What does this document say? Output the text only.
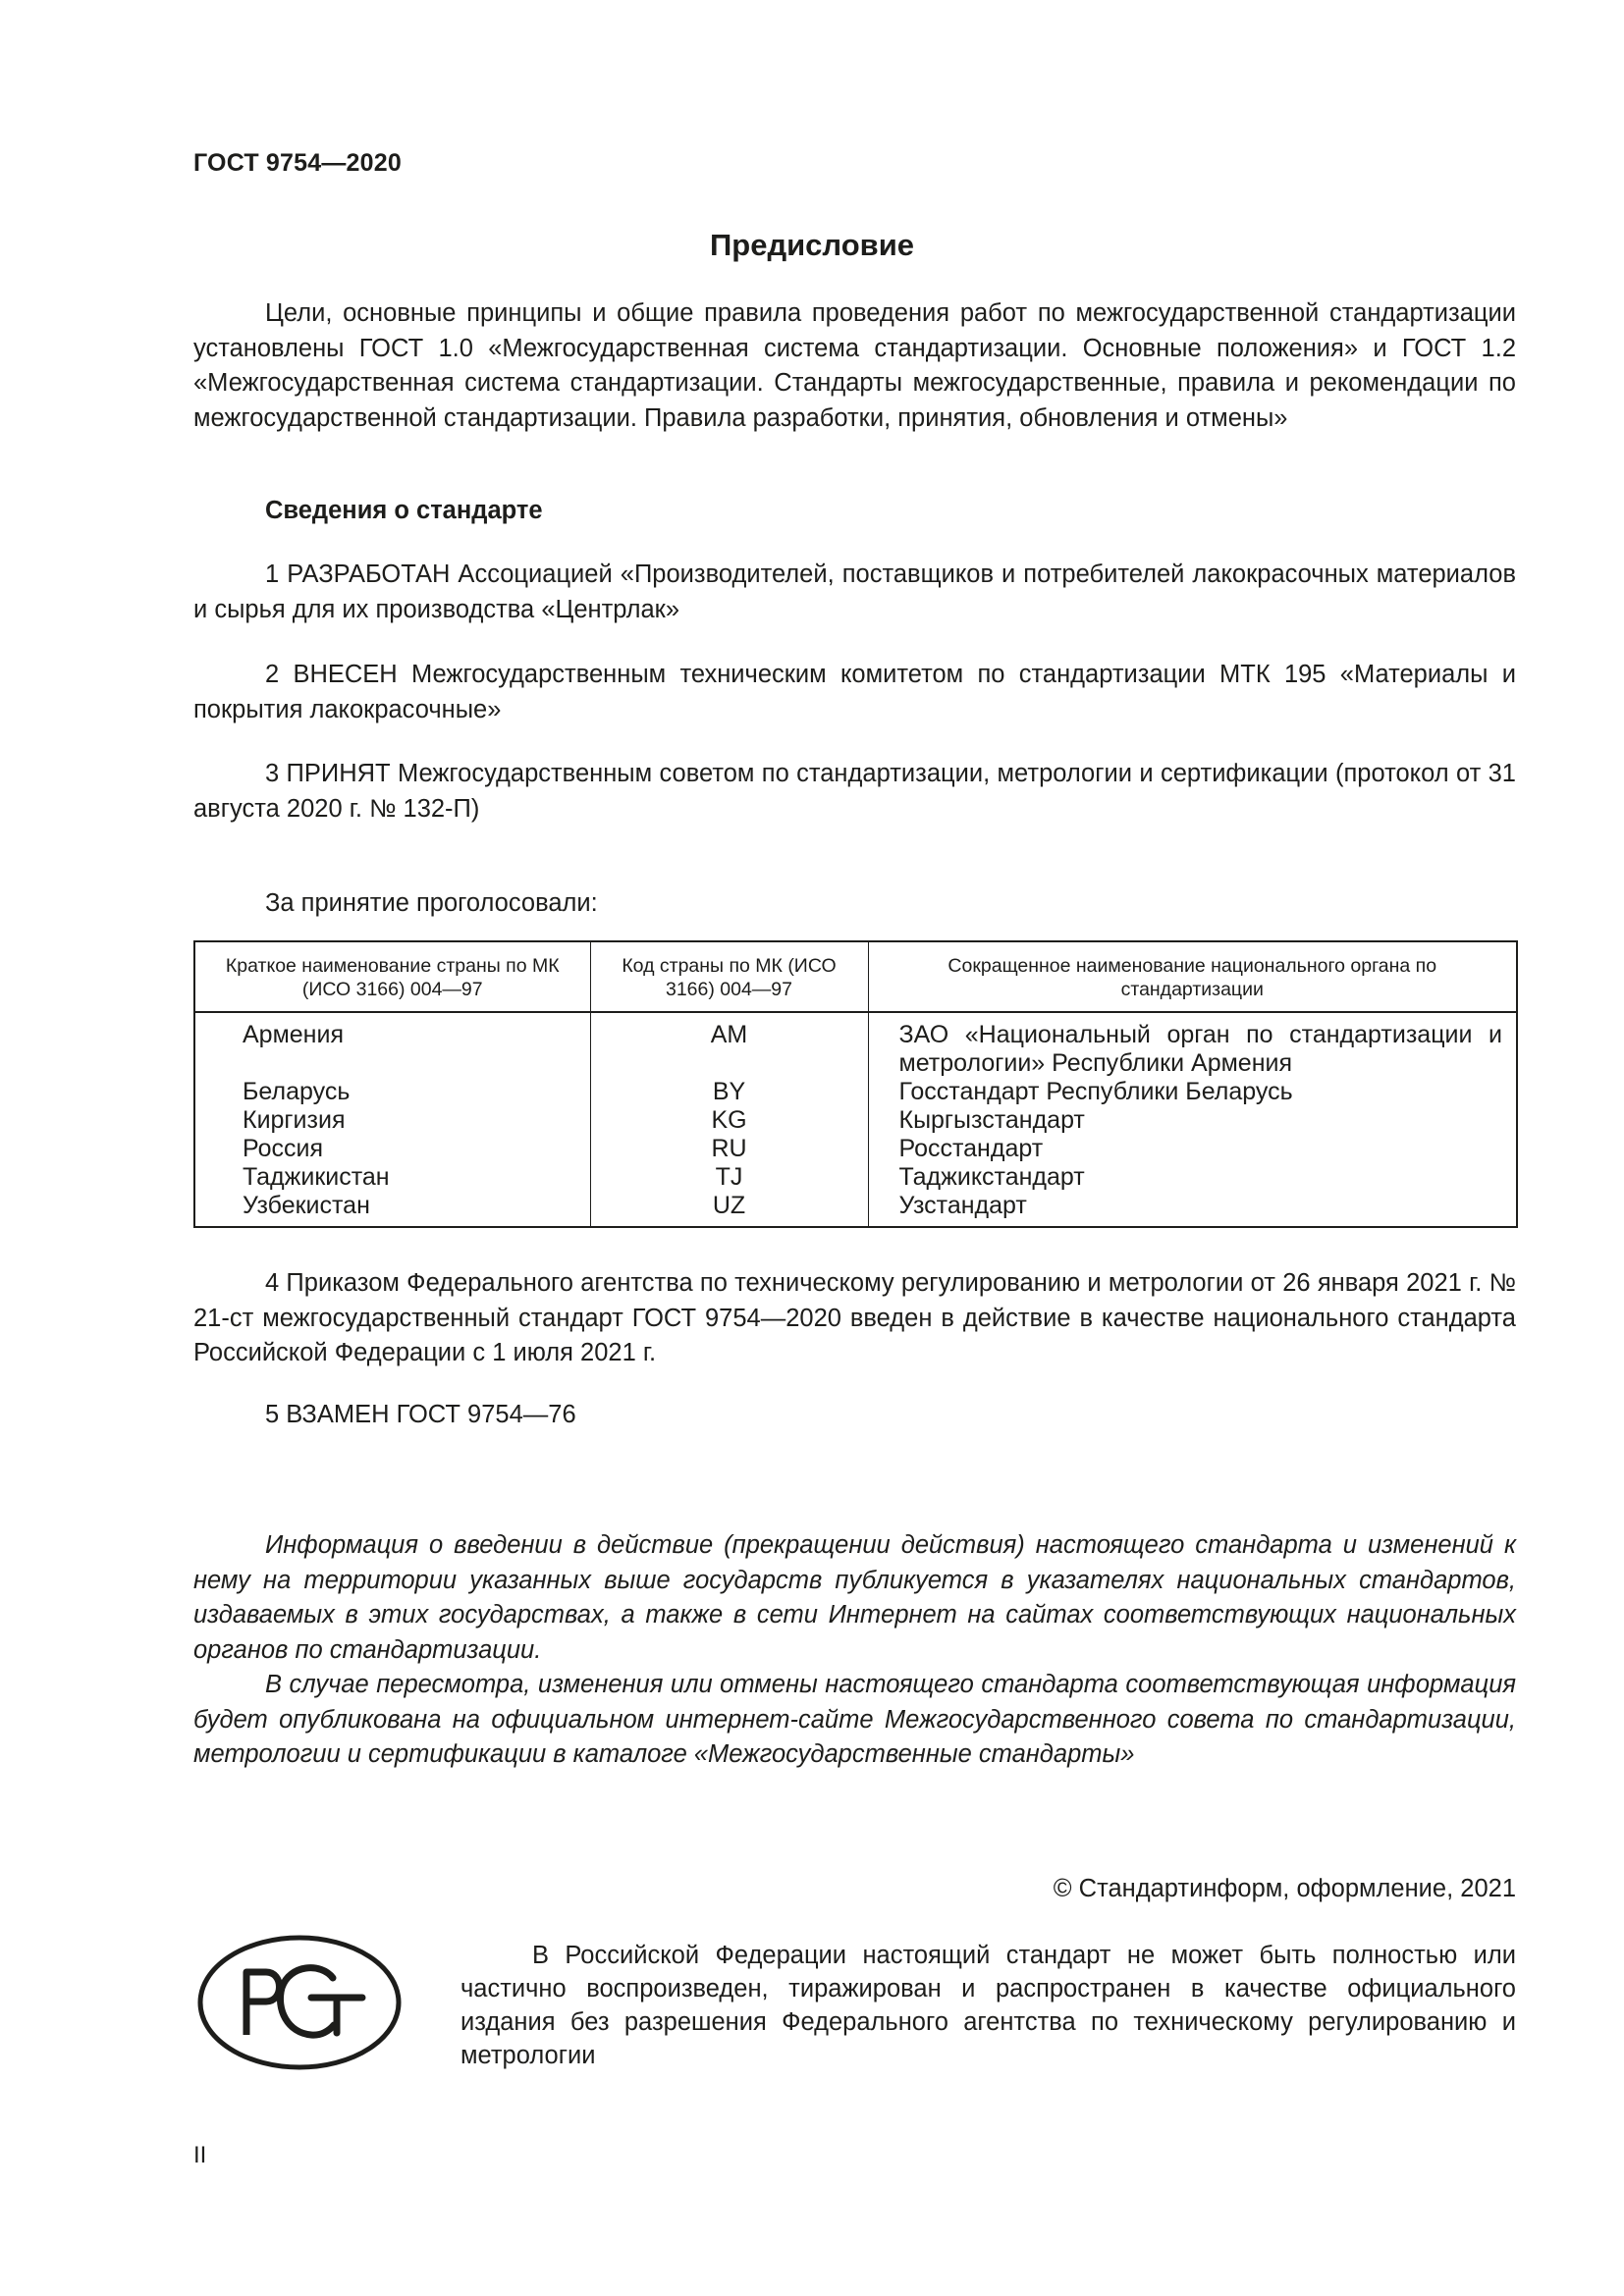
ГОСТ 9754—2020
Предисловие

Цели, основные принципы и общие правила проведения работ по межгосударственной стандартизации установлены ГОСТ 1.0 «Межгосударственная система стандартизации. Основные положения» и ГОСТ 1.2 «Межгосударственная система стандартизации. Стандарты межгосударственные, правила и рекомендации по межгосударственной стандартизации. Правила разработки, принятия, обновления и отмены»

Сведения о стандарте

1 РАЗРАБОТАН Ассоциацией «Производителей, поставщиков и потребителей лакокрасочных материалов и сырья для их производства «Центрлак»

2 ВНЕСЕН Межгосударственным техническим комитетом по стандартизации МТК 195 «Материалы и покрытия лакокрасочные»

3 ПРИНЯТ Межгосударственным советом по стандартизации, метрологии и сертификации (протокол от 31 августа 2020 г. № 132-П)

За принятие проголосовали:
Краткое наименование страны по МК (ИСО 3166) 004—97	Код страны по МК (ИСО 3166) 004—97	Сокращенное наименование национального органа по стандартизации
Армения	AM	ЗАО «Национальный орган по стандартизации и метрологии» Республики Армения
Беларусь	BY	Госстандарт Республики Беларусь
Киргизия	KG	Кыргызстандарт
Россия	RU	Росстандарт
Таджикистан	TJ	Таджикстандарт
Узбекистан	UZ	Узстандарт

4 Приказом Федерального агентства по техническому регулированию и метрологии от 26 января 2021 г. № 21-ст межгосударственный стандарт ГОСТ 9754—2020 введен в действие в качестве национального стандарта Российской Федерации с 1 июля 2021 г.

5 ВЗАМЕН ГОСТ 9754—76

Информация о введении в действие (прекращении действия) настоящего стандарта и изменений к нему на территории указанных выше государств публикуется в указателях национальных стандартов, издаваемых в этих государствах, а также в сети Интернет на сайтах соответствующих национальных органов по стандартизации.

В случае пересмотра, изменения или отмены настоящего стандарта соответствующая информация будет опубликована на официальном интернет-сайте Межгосударственного совета по стандартизации, метрологии и сертификации в каталоге «Межгосударственные стандарты»

© Стандартинформ, оформление, 2021

В Российской Федерации настоящий стандарт не может быть полностью или частично воспроизведен, тиражирован и распространен в качестве официального издания без разрешения Федерального агентства по техническому регулированию и метрологии

II
